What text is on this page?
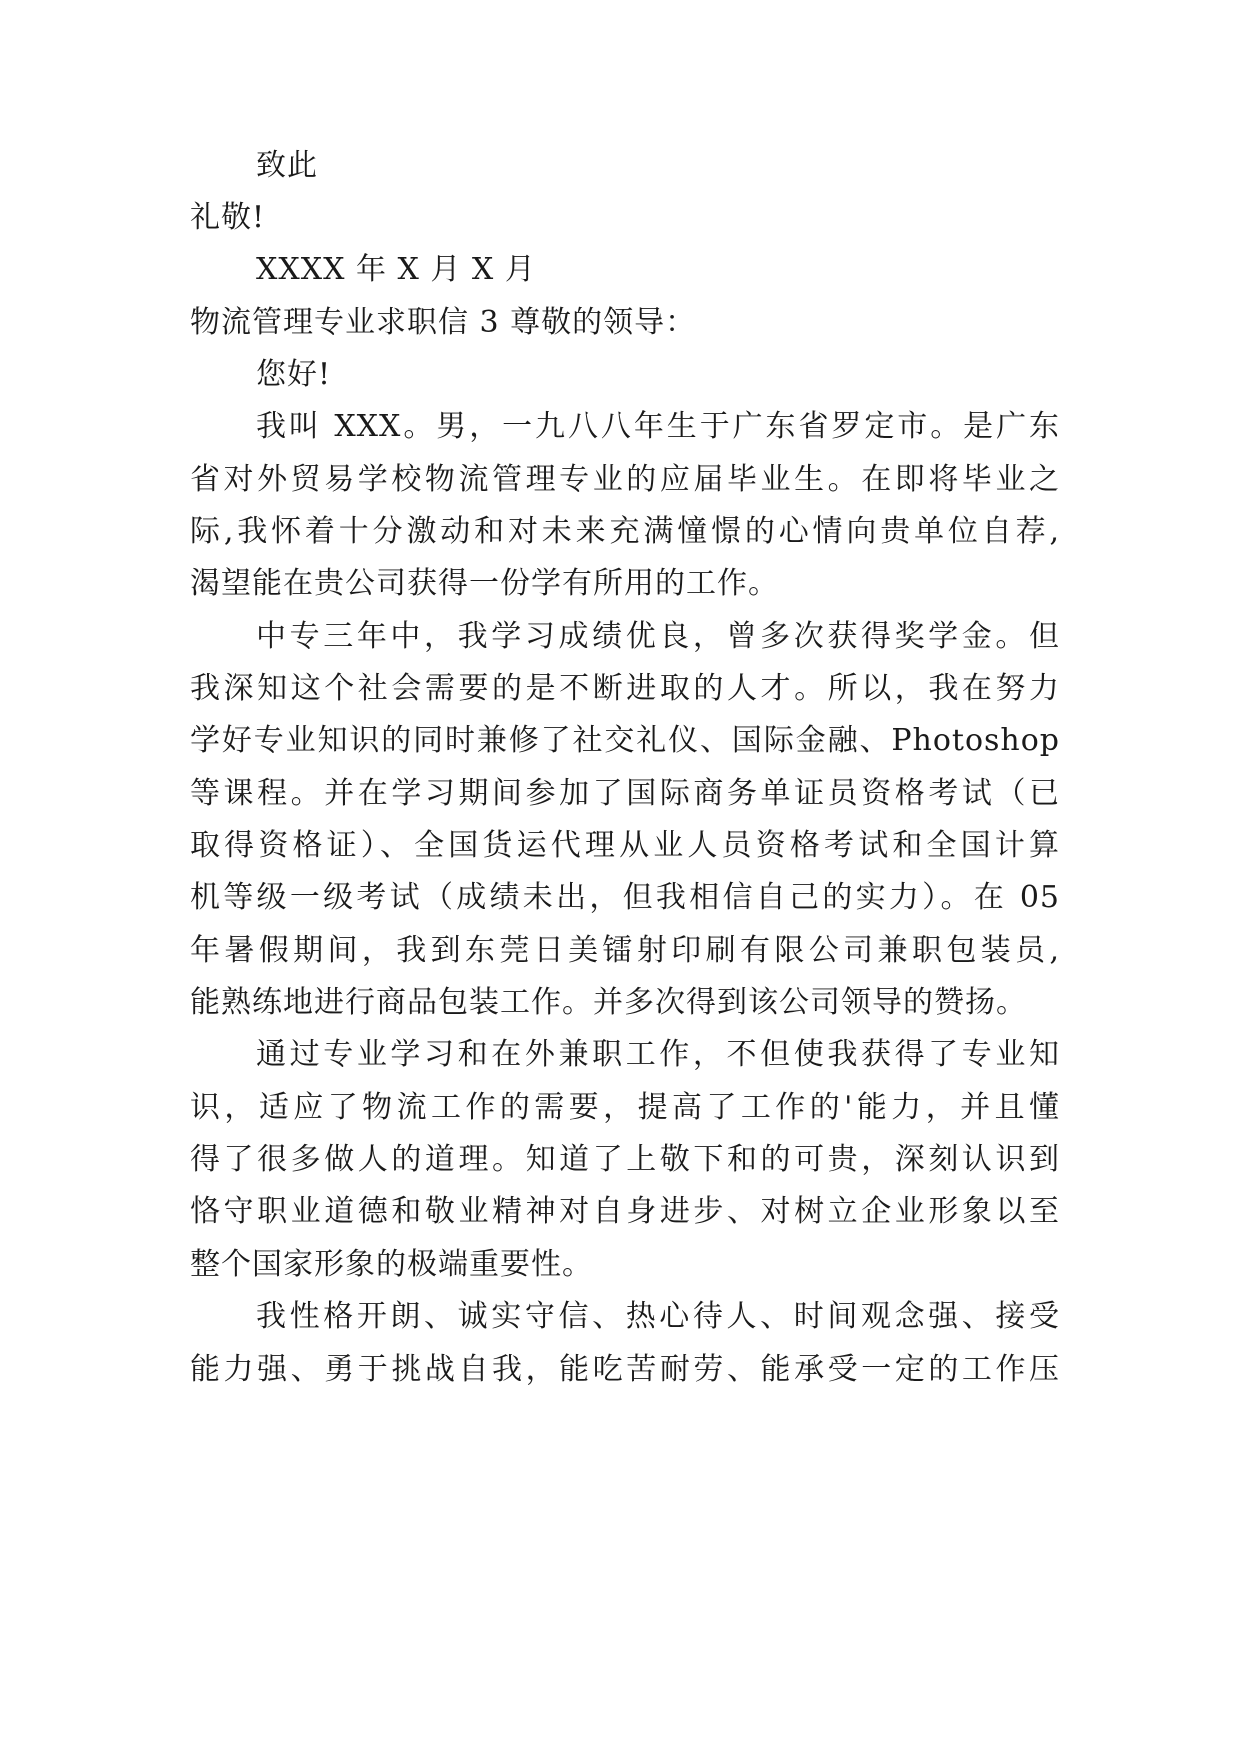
致此
礼敬!
XXXX 年 X 月 X 月
物流管理专业求职信 3 尊敬的领导：
您好!
我叫 XXX。男，一九八八年生于广东省罗定市。是广东
省对外贸易学校物流管理专业的应届毕业生。在即将毕业之
际,我怀着十分激动和对未来充满憧憬的心情向贵单位自荐,
渴望能在贵公司获得一份学有所用的工作。
中专三年中，我学习成绩优良，曾多次获得奖学金。但
我深知这个社会需要的是不断进取的人才。所以，我在努力
学好专业知识的同时兼修了社交礼仪、国际金融、Photoshop
等课程。并在学习期间参加了国际商务单证员资格考试（已
取得资格证）、全国货运代理从业人员资格考试和全国计算
机等级一级考试（成绩未出，但我相信自己的实力）。在 05
年暑假期间，我到东莞日美镭射印刷有限公司兼职包装员,
能熟练地进行商品包装工作。并多次得到该公司领导的赞扬。
通过专业学习和在外兼职工作，不但使我获得了专业知
识，适应了物流工作的需要，提高了工作的'能力，并且懂
得了很多做人的道理。知道了上敬下和的可贵，深刻认识到
恪守职业道德和敬业精神对自身进步、对树立企业形象以至
整个国家形象的极端重要性。
我性格开朗、诚实守信、热心待人、时间观念强、接受
能力强、勇于挑战自我，能吃苦耐劳、能承受一定的工作压
